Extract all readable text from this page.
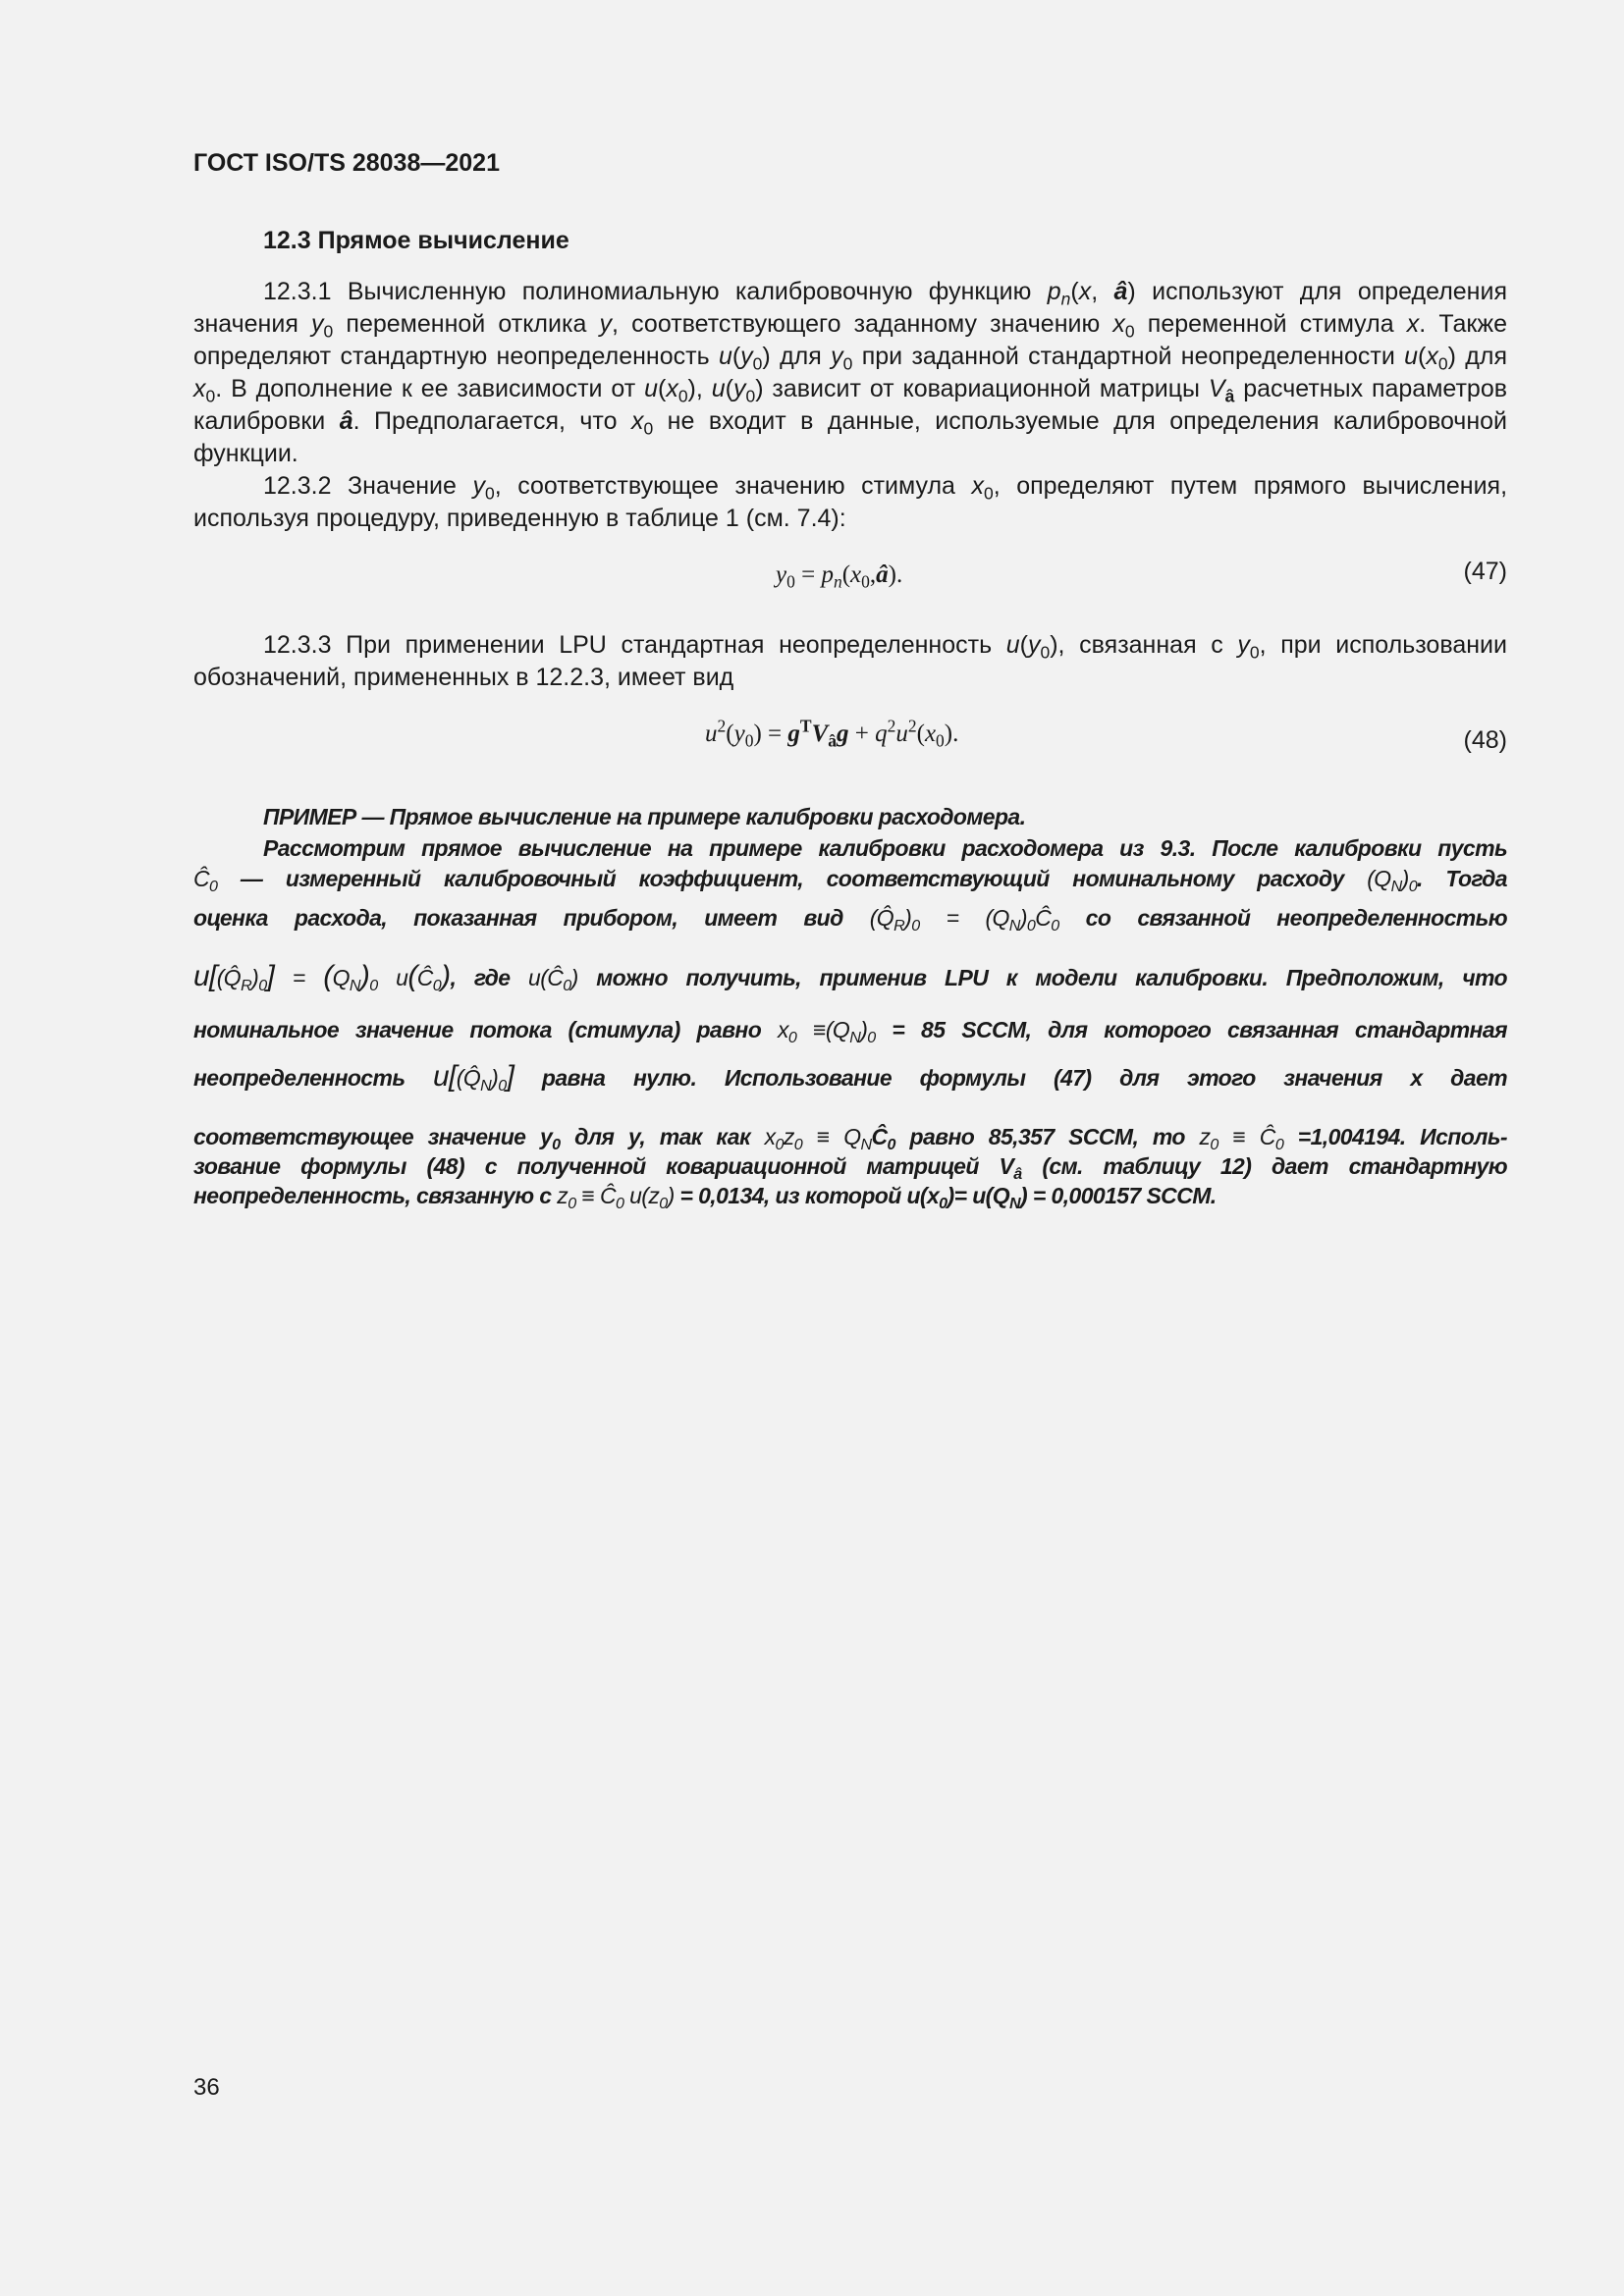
ГОСТ ISO/TS 28038—2021
12.3 Прямое вычисление
12.3.1 Вычисленную полиномиальную калибровочную функцию $p_n(x$, â) используют для определения значения $y_0$ переменной отклика y, соответствующего заданному значению $x_0$ переменной стимула x. Также определяют стандартную неопределенность $u(y_0)$ для $y_0$ при заданной стандартной неопределенности $u(x_0)$ для $x_0$. В дополнение к ее зависимости от $u(x_0)$, $u(y_0)$ зависит от ковариационной матрицы $V_â$ расчетных параметров калибровки â. Предполагается, что $x_0$ не входит в данные, используемые для определения калибровочной функции.
12.3.2 Значение $y_0$, соответствующее значению стимула $x_0$, определяют путем прямого вычисления, используя процедуру, приведенную в таблице 1 (см. 7.4):
$y_0$ = $p_n(x_0,â)$.	(47)
12.3.3 При применении LPU стандартная неопределенность $u(y_0)$, связанная с $y_0$, при использовании обозначений, примененных в 12.2.3, имеет вид
$u^2(y_0) = g^TV_âg + q^2u^2(x_0)$.	(48)
ПРИМЕР — Прямое вычисление на примере калибровки расходомера.
Рассмотрим прямое вычисление на примере калибровки расходомера из 9.3. После калибровки пусть
$Ĉ_0$ — измеренный калибровочный коэффициент, соответствующий номинальному расходу $(Q_N)_0$. Тогда
оценка расхода, показанная прибором, имеет вид $(Q̂_R)_0$ = $(Q_N)_0Ĉ_0$ со связанной неопределенностью
$u[(Q̂_R)_0] = (Q_N)_0$ $u(Ĉ_0)$, где $u(Ĉ_0)$ можно получить, применив LPU к модели калибровки. Предположим, что
номинальное значение потока (стимула) равно $x_0 \equiv(Q_N)_0 = 85$ SCCM, для которого связанная стандартная
неопределенность $u[(Q̂_N)_0]$ равна нулю. Использование формулы (47) для этого значения x дает
соответствующее значение $y_0$ для y, так как $x_0z_0$ ≡ $Q_NĈ_0$ равно 85,357 SCCM, то $z_0$ ≡ $Ĉ_0 =1,004194$. Исполь-
зование формулы (48) с полученной ковариационной матрицей $V_â$ (см. таблицу 12) дает стандартную
неопределенность, связанную с $z_0$ ≡ $Ĉ_0$ $u(z_0) = 0,0134$, из которой $u(x_0)= u(Q_N) = 0,000157$ SCCM.
36
